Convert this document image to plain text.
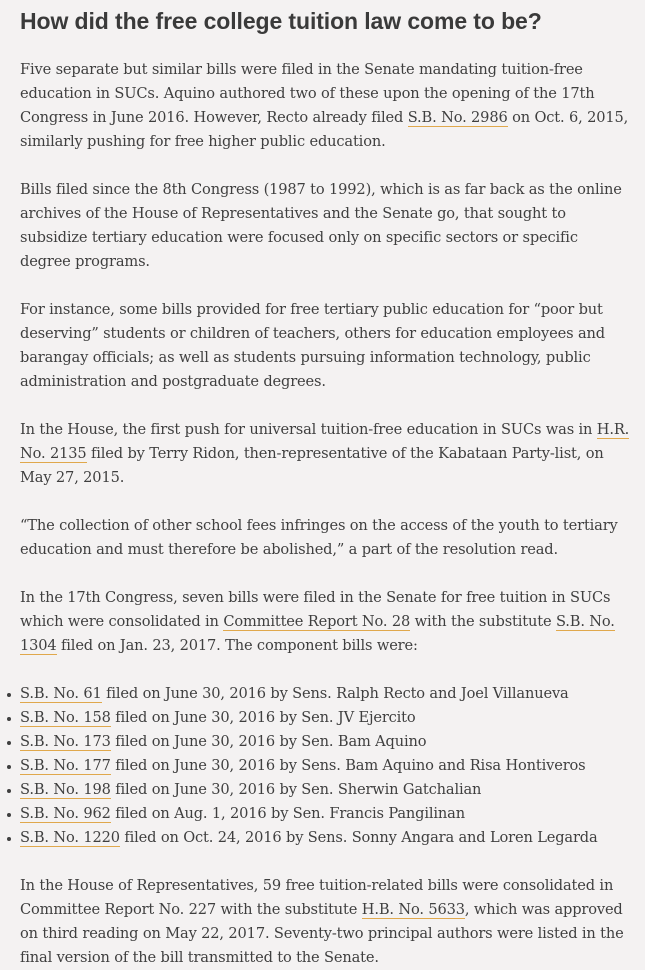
How did the free college tuition law come to be?

Five separate but similar bills were filed in the Senate mandating tuition-free education in SUCs. Aquino authored two of these upon the opening of the 17th Congress in June 2016. However, Recto already filed S.B. No. 2986 on Oct. 6, 2015, similarly pushing for free higher public education.

Bills filed since the 8th Congress (1987 to 1992), which is as far back as the online archives of the House of Representatives and the Senate go, that sought to subsidize tertiary education were focused only on specific sectors or specific degree programs.

For instance, some bills provided for free tertiary public education for “poor but deserving” students or children of teachers, others for education employees and barangay officials; as well as students pursuing information technology, public administration and postgraduate degrees.

In the House, the first push for universal tuition-free education in SUCs was in H.R. No. 2135 filed by Terry Ridon, then-representative of the Kabataan Party-list, on May 27, 2015.

“The collection of other school fees infringes on the access of the youth to tertiary education and must therefore be abolished,” a part of the resolution read.

In the 17th Congress, seven bills were filed in the Senate for free tuition in SUCs which were consolidated in Committee Report No. 28 with the substitute S.B. No. 1304 filed on Jan. 23, 2017. The component bills were:

S.B. No. 61 filed on June 30, 2016 by Sens. Ralph Recto and Joel Villanueva
S.B. No. 158 filed on June 30, 2016 by Sen. JV Ejercito
S.B. No. 173 filed on June 30, 2016 by Sen. Bam Aquino
S.B. No. 177 filed on June 30, 2016 by Sens. Bam Aquino and Risa Hontiveros
S.B. No. 198 filed on June 30, 2016 by Sen. Sherwin Gatchalian
S.B. No. 962 filed on Aug. 1, 2016 by Sen. Francis Pangilinan
S.B. No. 1220 filed on Oct. 24, 2016 by Sens. Sonny Angara and Loren Legarda

In the House of Representatives, 59 free tuition-related bills were consolidated in Committee Report No. 227 with the substitute H.B. No. 5633, which was approved on third reading on May 22, 2017. Seventy-two principal authors were listed in the final version of the bill transmitted to the Senate.
